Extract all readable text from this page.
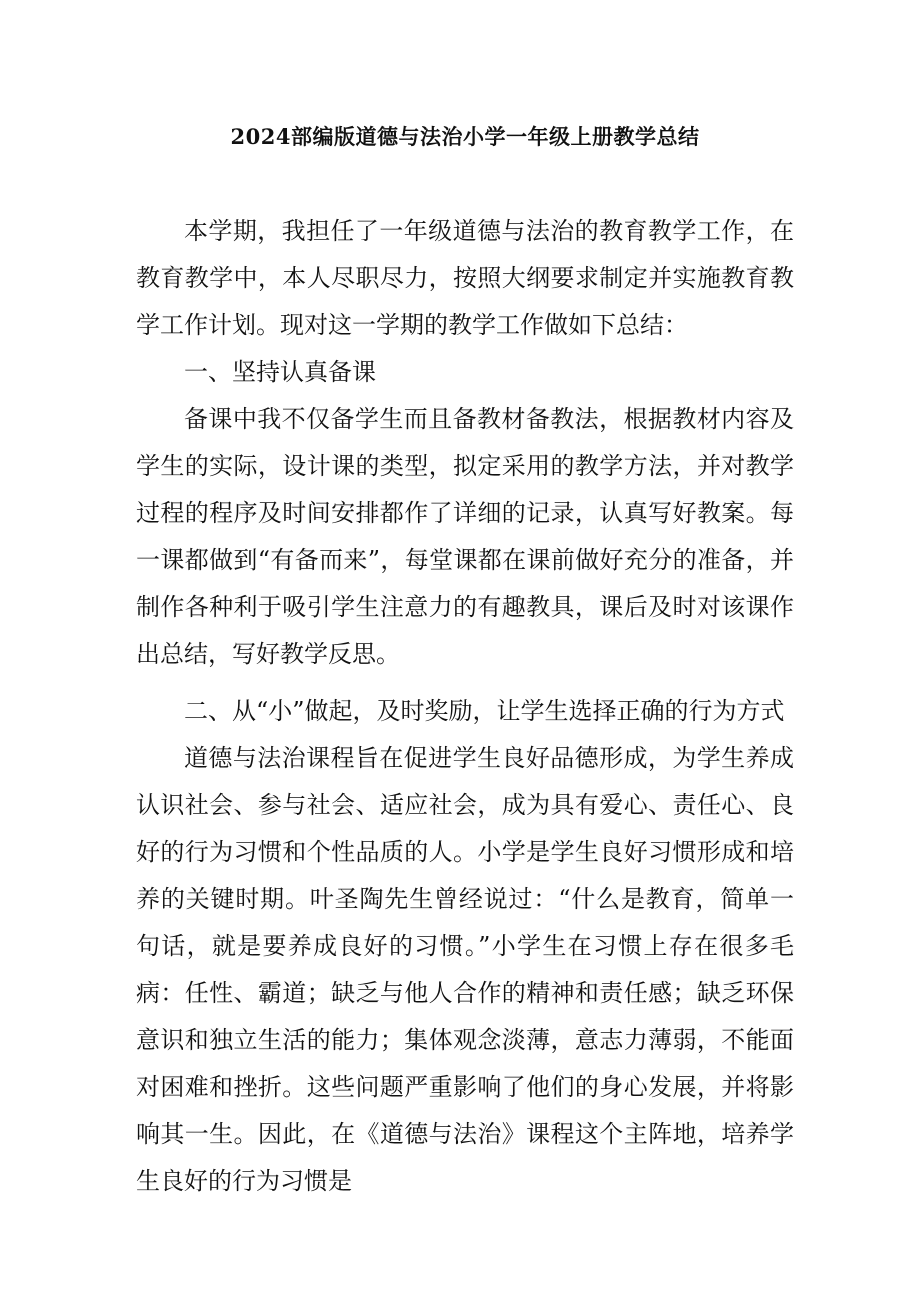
2024部编版道德与法治小学一年级上册教学总结

本学期，我担任了一年级道德与法治的教育教学工作，在教育教学中，本人尽职尽力，按照大纲要求制定并实施教育教学工作计划。现对这一学期的教学工作做如下总结：

一、坚持认真备课

备课中我不仅备学生而且备教材备教法，根据教材内容及学生的实际，设计课的类型，拟定采用的教学方法，并对教学过程的程序及时间安排都作了详细的记录，认真写好教案。每一课都做到“有备而来”，每堂课都在课前做好充分的准备，并制作各种利于吸引学生注意力的有趣教具，课后及时对该课作出总结，写好教学反思。

二、从“小”做起，及时奖励，让学生选择正确的行为方式

道德与法治课程旨在促进学生良好品德形成，为学生养成认识社会、参与社会、适应社会，成为具有爱心、责任心、良好的行为习惯和个性品质的人。小学是学生良好习惯形成和培养的关键时期。叶圣陶先生曾经说过：“什么是教育，简单一句话，就是要养成良好的习惯。”小学生在习惯上存在很多毛病：任性、霸道；缺乏与他人合作的精神和责任感；缺乏环保意识和独立生活的能力；集体观念淡薄，意志力薄弱，不能面对困难和挫折。这些问题严重影响了他们的身心发展，并将影响其一生。因此，在《道德与法治》课程这个主阵地，培养学生良好的行为习惯是
